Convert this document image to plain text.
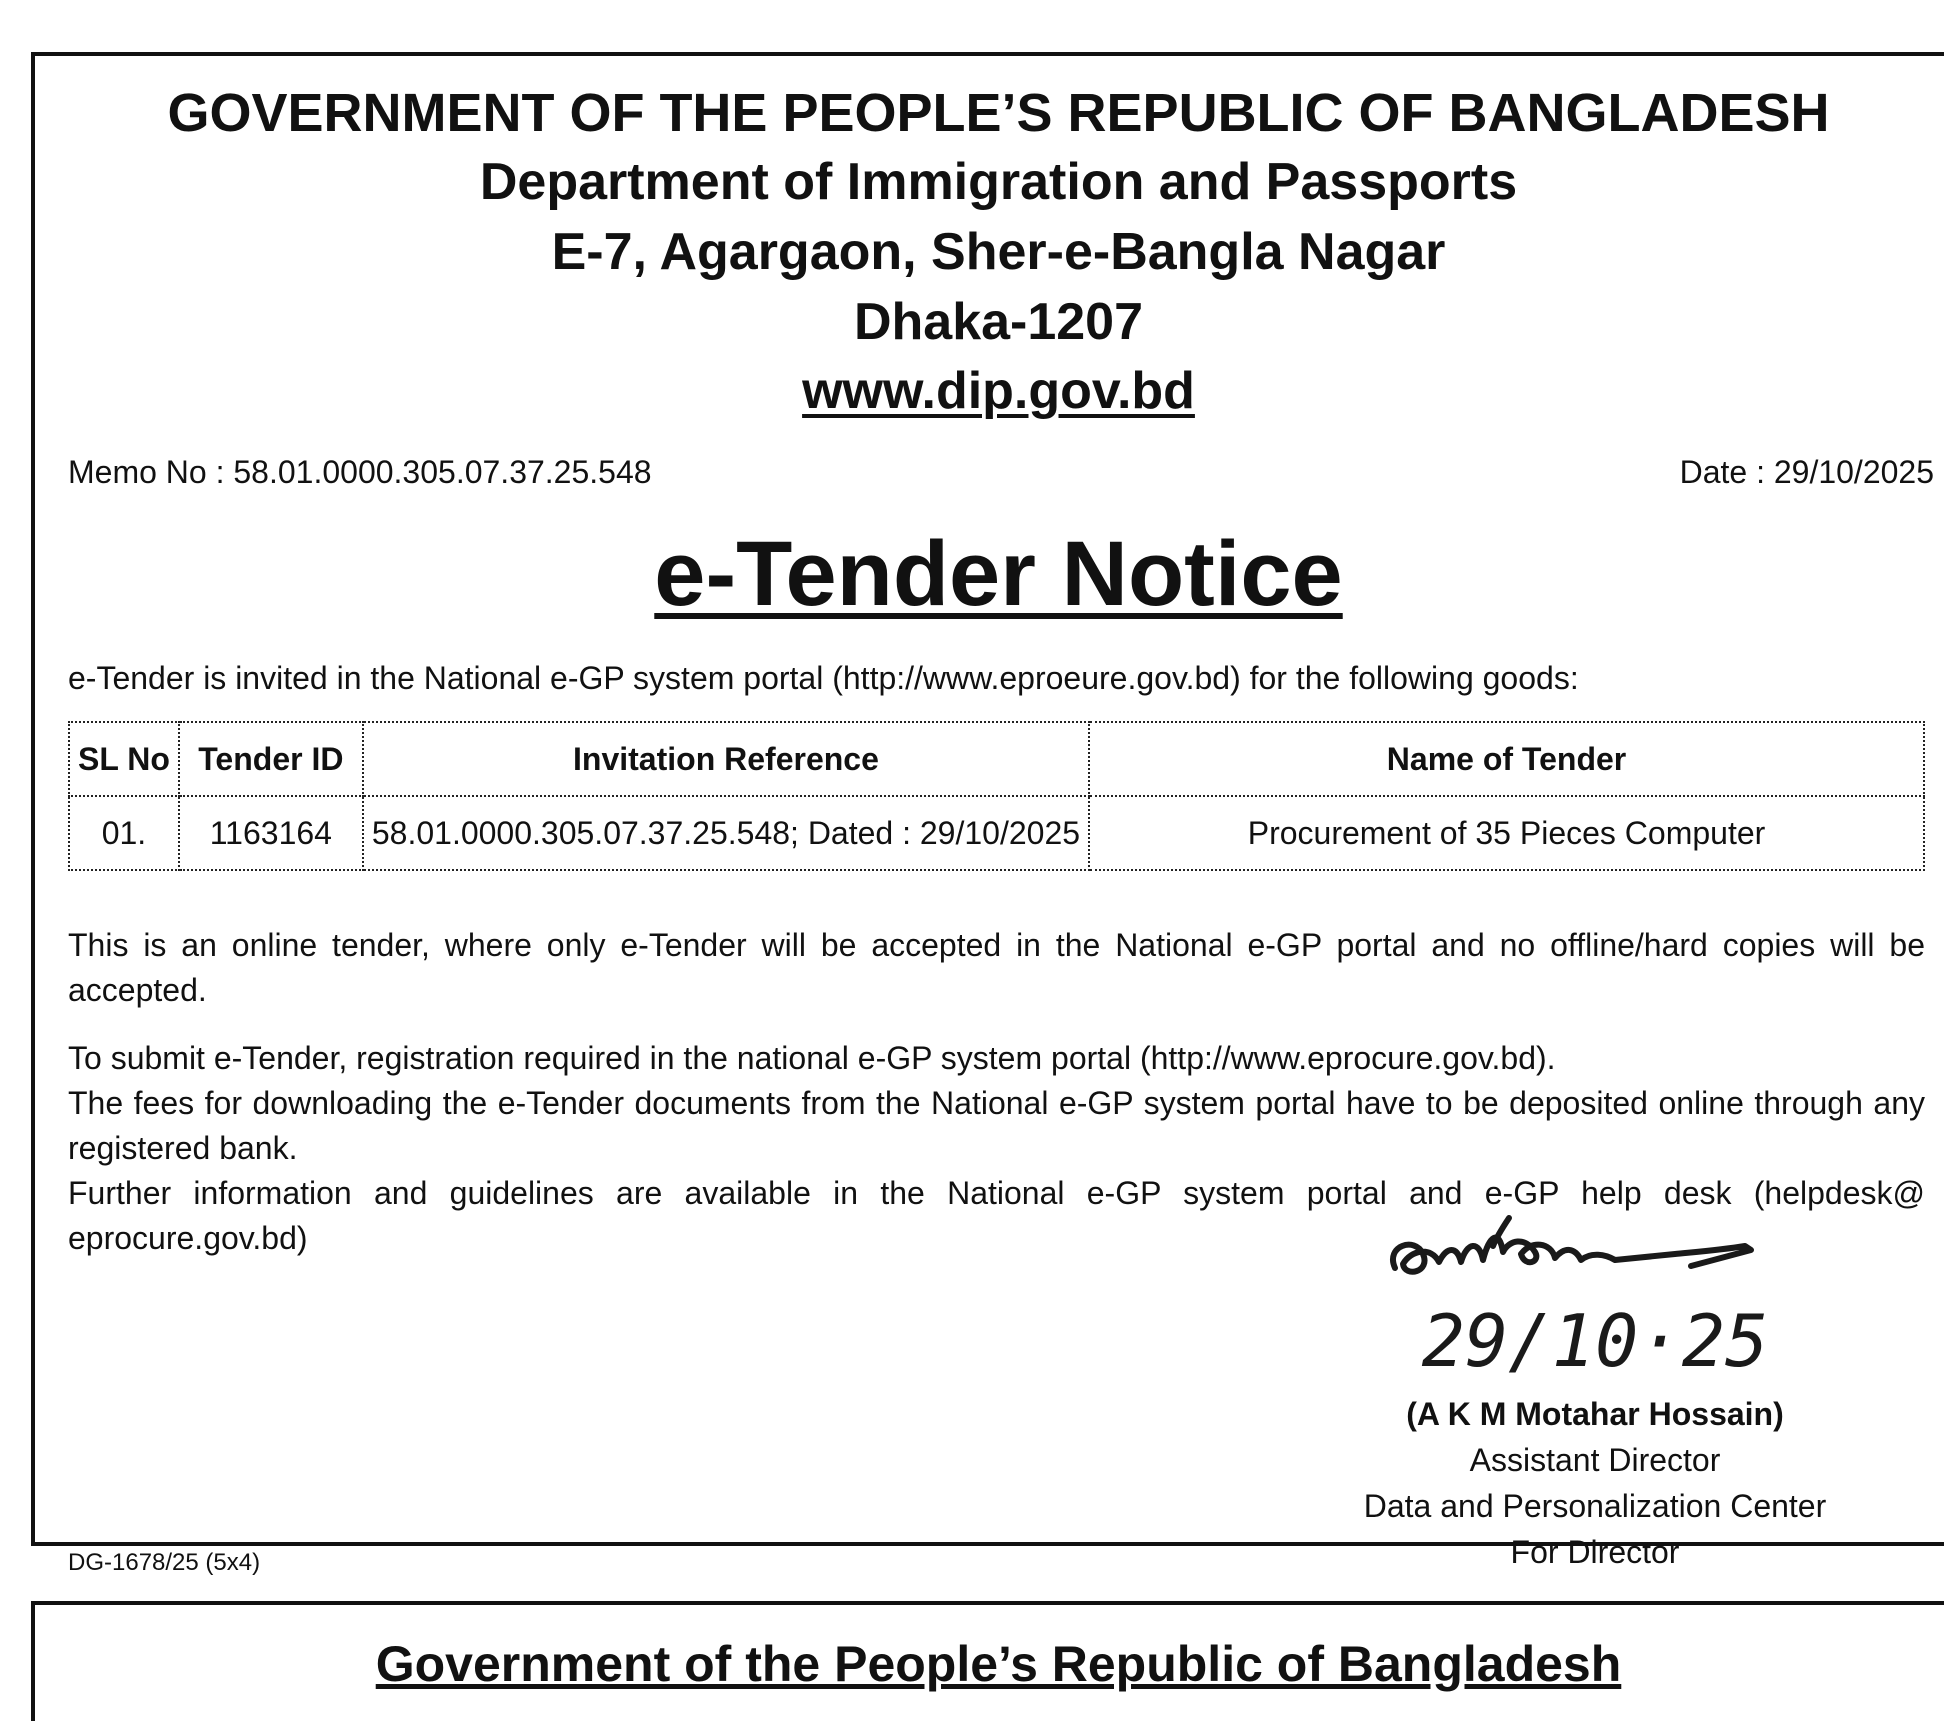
GOVERNMENT OF THE PEOPLE’S REPUBLIC OF BANGLADESH
Department of Immigration and Passports
E-7, Agargaon, Sher-e-Bangla Nagar
Dhaka-1207
www.dip.gov.bd
Memo No : 58.01.0000.305.07.37.25.548	Date : 29/10/2025
e-Tender Notice
e-Tender is invited in the National e-GP system portal (http://www.eproeure.gov.bd) for the following goods:
SL No	Tender ID	Invitation Reference	Name of Tender
01.	1163164	58.01.0000.305.07.37.25.548; Dated : 29/10/2025	Procurement of 35 Pieces Computer
This is an online tender, where only e-Tender will be accepted in the National e-GP portal and no offline/hard copies will be accepted.
To submit e-Tender, registration required in the national e-GP system portal (http://www.eprocure.gov.bd).
The fees for downloading the e-Tender documents from the National e-GP system portal have to be deposited online through any registered bank.
Further information and guidelines are available in the National e-GP system portal and e-GP help desk (helpdesk@ eprocure.gov.bd)
29/10·25
(A K M Motahar Hossain)
Assistant Director
Data and Personalization Center
For Director
DG-1678/25 (5x4)
Government of the People’s Republic of Bangladesh
